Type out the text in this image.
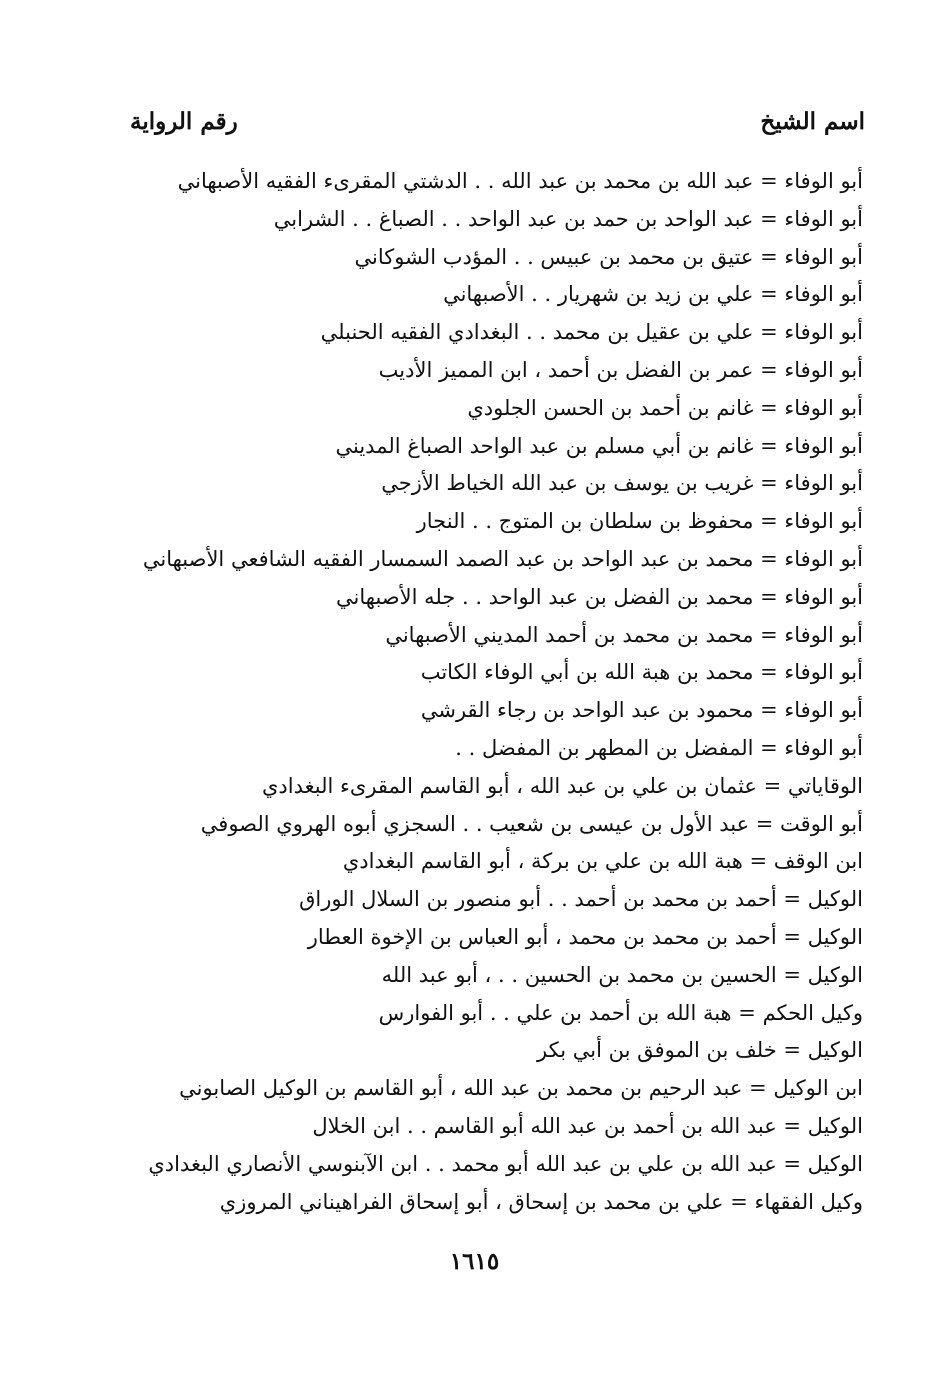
اسم الشيخ
رقم الرواية
أبو الوفاء = عبد الله بن محمد بن عبد الله . . الدشتي المقرىء الفقيه الأصبهاني
أبو الوفاء = عبد الواحد بن حمد بن عبد الواحد . . الصباغ . . الشرابي
أبو الوفاء = عتيق بن محمد بن عبيس . . المؤدب الشوكاني
أبو الوفاء = علي بن زيد بن شهريار . . الأصبهاني
أبو الوفاء = علي بن عقيل بن محمد . . البغدادي الفقيه الحنبلي
أبو الوفاء = عمر بن الفضل بن أحمد ، ابن المميز الأديب
أبو الوفاء = غانم بن أحمد بن الحسن الجلودي
أبو الوفاء = غانم بن أبي مسلم بن عبد الواحد الصباغ المديني
أبو الوفاء = غريب بن يوسف بن عبد الله الخياط الأزجي
أبو الوفاء = محفوظ بن سلطان بن المتوج . . النجار
أبو الوفاء = محمد بن عبد الواحد بن عبد الصمد السمسار الفقيه الشافعي الأصبهاني
أبو الوفاء = محمد بن الفضل بن عبد الواحد . . جله الأصبهاني
أبو الوفاء = محمد بن محمد بن أحمد المديني الأصبهاني
أبو الوفاء = محمد بن هبة الله بن أبي الوفاء الكاتب
أبو الوفاء = محمود بن عبد الواحد بن رجاء القرشي
أبو الوفاء = المفضل بن المطهر بن المفضل . .
الوقاياتي = عثمان بن علي بن عبد الله ، أبو القاسم المقرىء البغدادي
أبو الوقت = عبد الأول بن عيسى بن شعيب . . السجزي أبوه الهروي الصوفي
ابن الوقف = هبة الله بن علي بن بركة ، أبو القاسم البغدادي
الوكيل = أحمد بن محمد بن أحمد . . أبو منصور بن السلال الوراق
الوكيل = أحمد بن محمد بن محمد ، أبو العباس بن الإخوة العطار
الوكيل = الحسين بن محمد بن الحسين . . ، أبو عبد الله
وكيل الحكم = هبة الله بن أحمد بن علي . . أبو الفوارس
الوكيل = خلف بن الموفق بن أبي بكر
ابن الوكيل = عبد الرحيم بن محمد بن عبد الله ، أبو القاسم بن الوكيل الصابوني
الوكيل = عبد الله بن أحمد بن عبد الله أبو القاسم . . ابن الخلال
الوكيل = عبد الله بن علي بن عبد الله أبو محمد . . ابن الآبنوسي الأنصاري البغدادي
وكيل الفقهاء = علي بن محمد بن إسحاق ، أبو إسحاق الفراهيناني المروزي
١٦١٥
